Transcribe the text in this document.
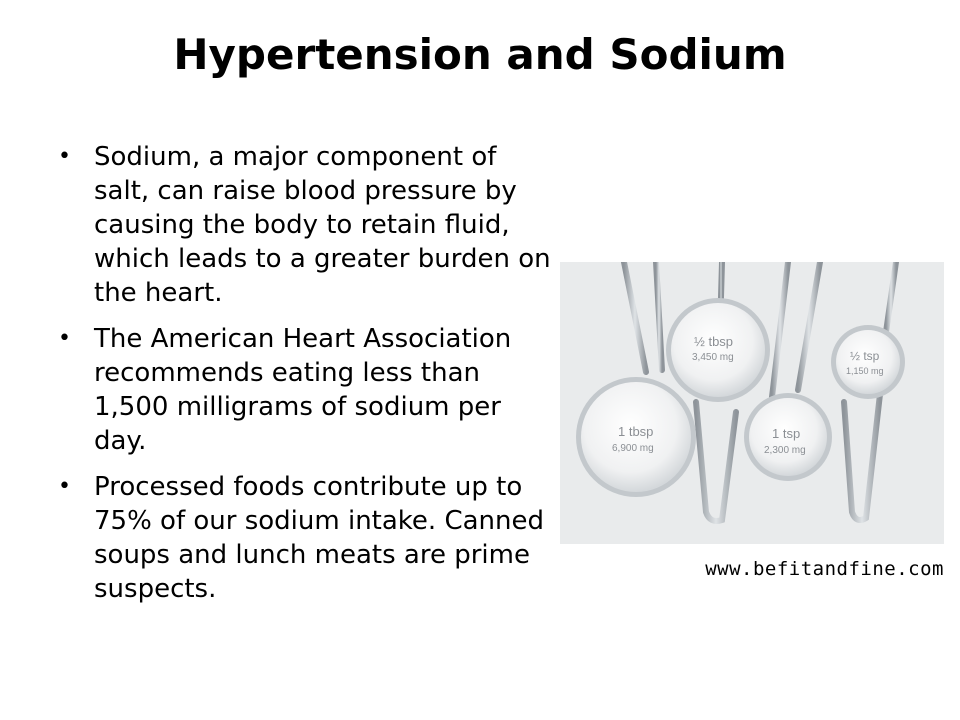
Hypertension and Sodium
• Sodium, a major component of salt, can raise blood pressure by causing the body to retain fluid, which leads to a greater burden on the heart.
• The American Heart Association recommends eating less than 1,500 milligrams of sodium per day.
• Processed foods contribute up to 75% of our sodium intake. Canned soups and lunch meats are prime suspects.
1 tbsp
6,900 mg
½ tbsp
3,450 mg
1 tsp
2,300 mg
½ tsp
1,150 mg
www.befitandfine.com
